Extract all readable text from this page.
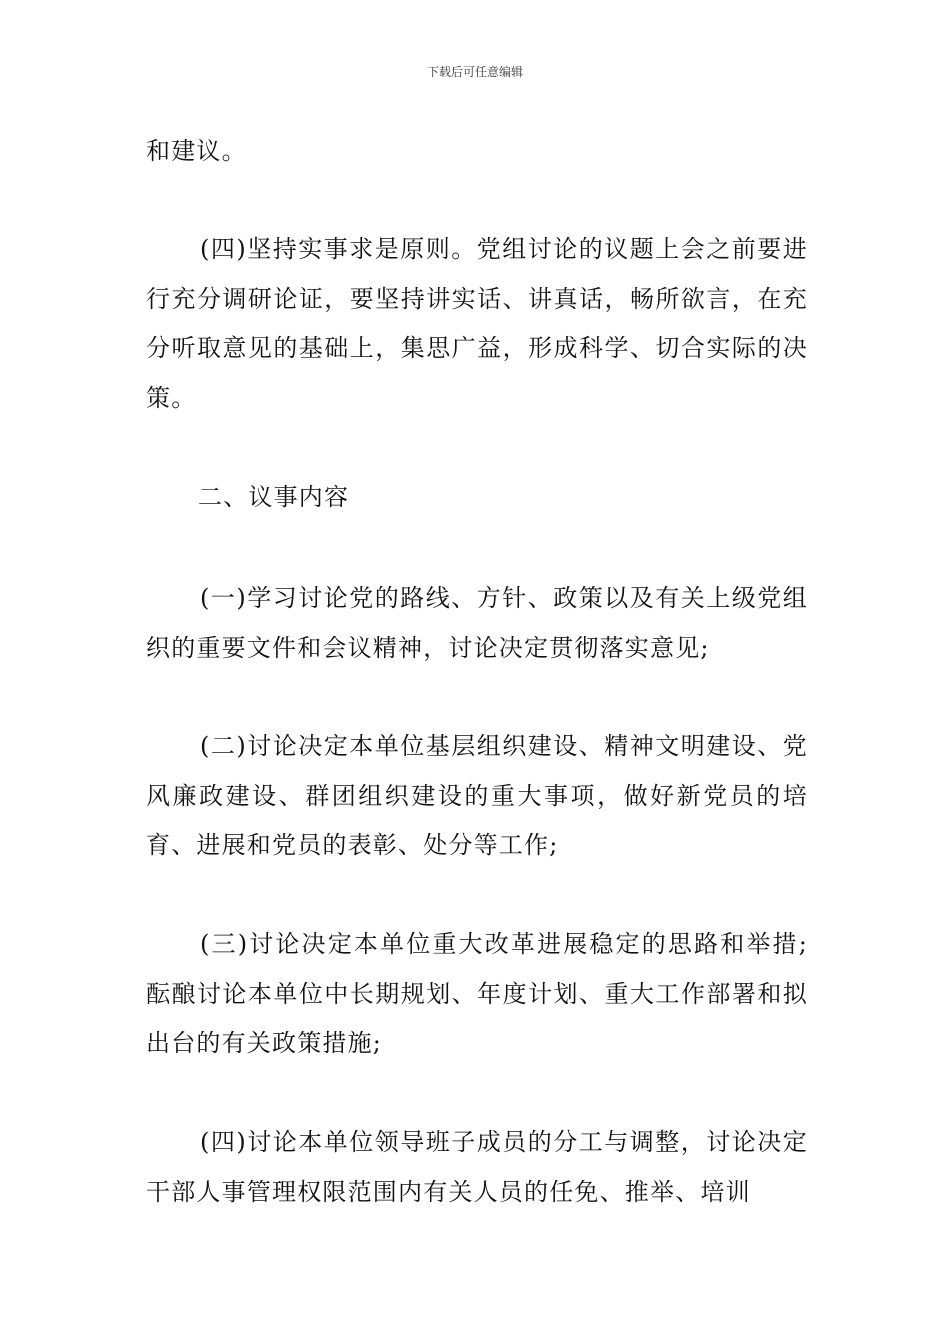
下载后可任意编辑

和建议。

(四)坚持实事求是原则。党组讨论的议题上会之前要进行充分调研论证，要坚持讲实话、讲真话，畅所欲言，在充分听取意见的基础上，集思广益，形成科学、切合实际的决策。

二、议事内容

(一)学习讨论党的路线、方针、政策以及有关上级党组织的重要文件和会议精神，讨论决定贯彻落实意见;

(二)讨论决定本单位基层组织建设、精神文明建设、党风廉政建设、群团组织建设的重大事项，做好新党员的培育、进展和党员的表彰、处分等工作;

(三)讨论决定本单位重大改革进展稳定的思路和举措;酝酿讨论本单位中长期规划、年度计划、重大工作部署和拟出台的有关政策措施;

(四)讨论本单位领导班子成员的分工与调整，讨论决定干部人事管理权限范围内有关人员的任免、推举、培训
